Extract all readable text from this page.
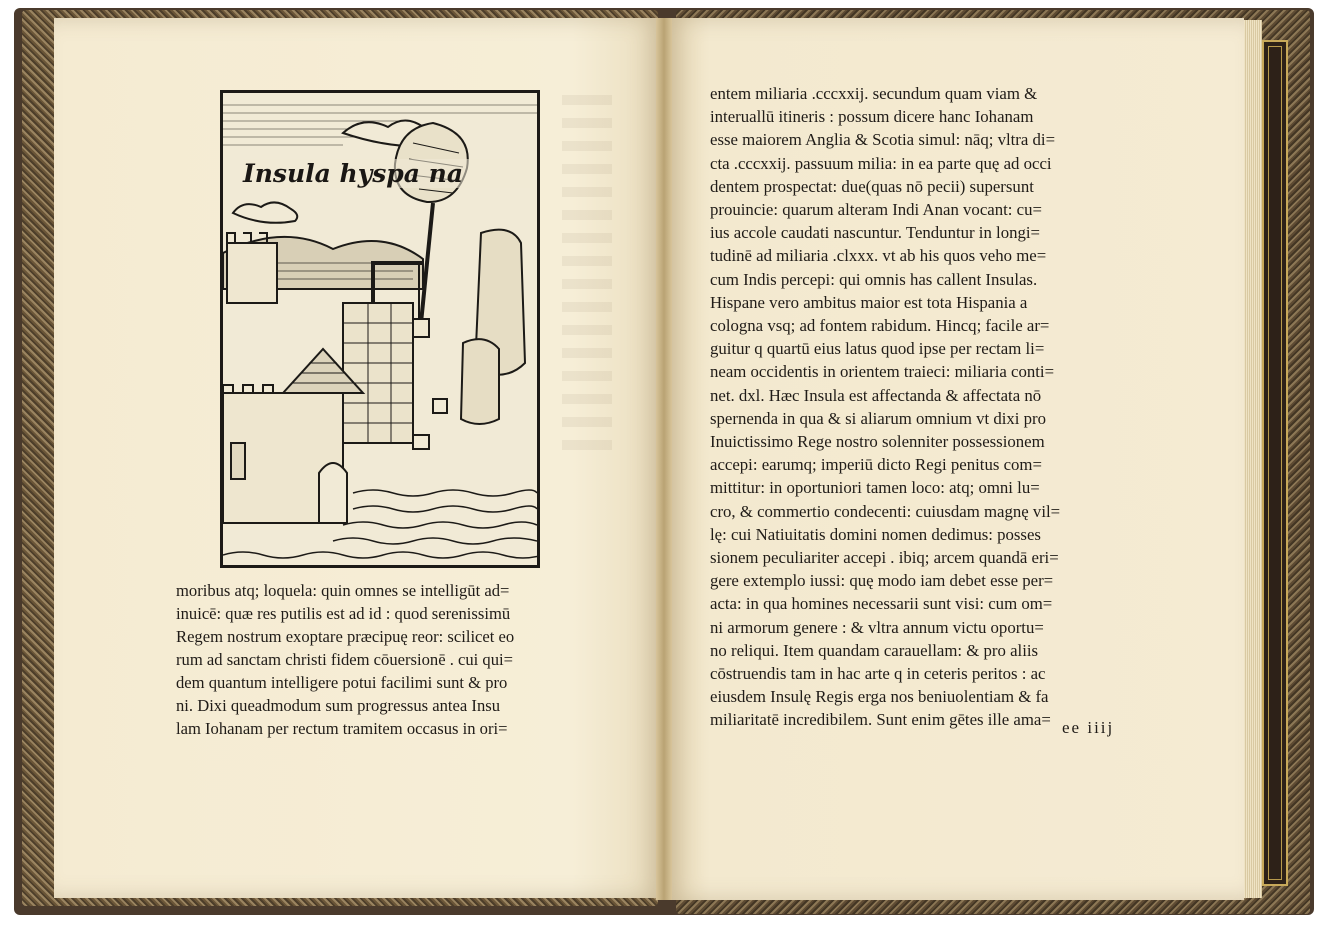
Insula hyspa na
moribus atq; loquela: quin omnes se intelligūt ad=
inuicē: quæ res putilis est ad id : quod serenissimū
Regem nostrum exoptare præcipuę reor: scilicet eo
rum ad sanctam christi fidem cōuersionē . cui qui=
dem quantum intelligere potui facilimi sunt & pro
ni. Dixi queadmodum sum progressus antea Insu
lam Iohanam per rectum tramitem occasus in ori=
entem miliaria .cccxxij. secundum quam viam &
interuallū itineris : possum dicere hanc Iohanam
esse maiorem Anglia & Scotia simul: nāq; vltra di=
cta .cccxxij. passuum milia: in ea parte quę ad occi
dentem prospectat: due(quas nō pecii) supersunt
prouincie: quarum alteram Indi Anan vocant: cu=
ius accole caudati nascuntur. Tenduntur in longi=
tudinē ad miliaria .clxxx. vt ab his quos veho me=
cum Indis percepi: qui omnis has callent Insulas.
Hispane vero ambitus maior est tota Hispania a
cologna vsq; ad fontem rabidum. Hincq; facile ar=
guitur q quartū eius latus quod ipse per rectam li=
neam occidentis in orientem traieci: miliaria conti=
net. dxl. Hæc Insula est affectanda & affectata nō
spernenda in qua & si aliarum omnium vt dixi pro
Inuictissimo Rege nostro solenniter possessionem
accepi: earumq; imperiū dicto Regi penitus com=
mittitur: in oportuniori tamen loco: atq; omni lu=
cro, & commertio condecenti: cuiusdam magnę vil=
lę: cui Natiuitatis domini nomen dedimus: posses
sionem peculiariter accepi . ibiq; arcem quandā eri=
gere extemplo iussi: quę modo iam debet esse per=
acta: in qua homines necessarii sunt visi: cum om=
ni armorum genere : & vltra annum victu oportu=
no reliqui. Item quandam carauellam: & pro aliis
cōstruendis tam in hac arte q in ceteris peritos : ac
eiusdem Insulę Regis erga nos beniuolentiam & fa
miliaritatē incredibilem. Sunt enim gētes ille ama= ee iiij
